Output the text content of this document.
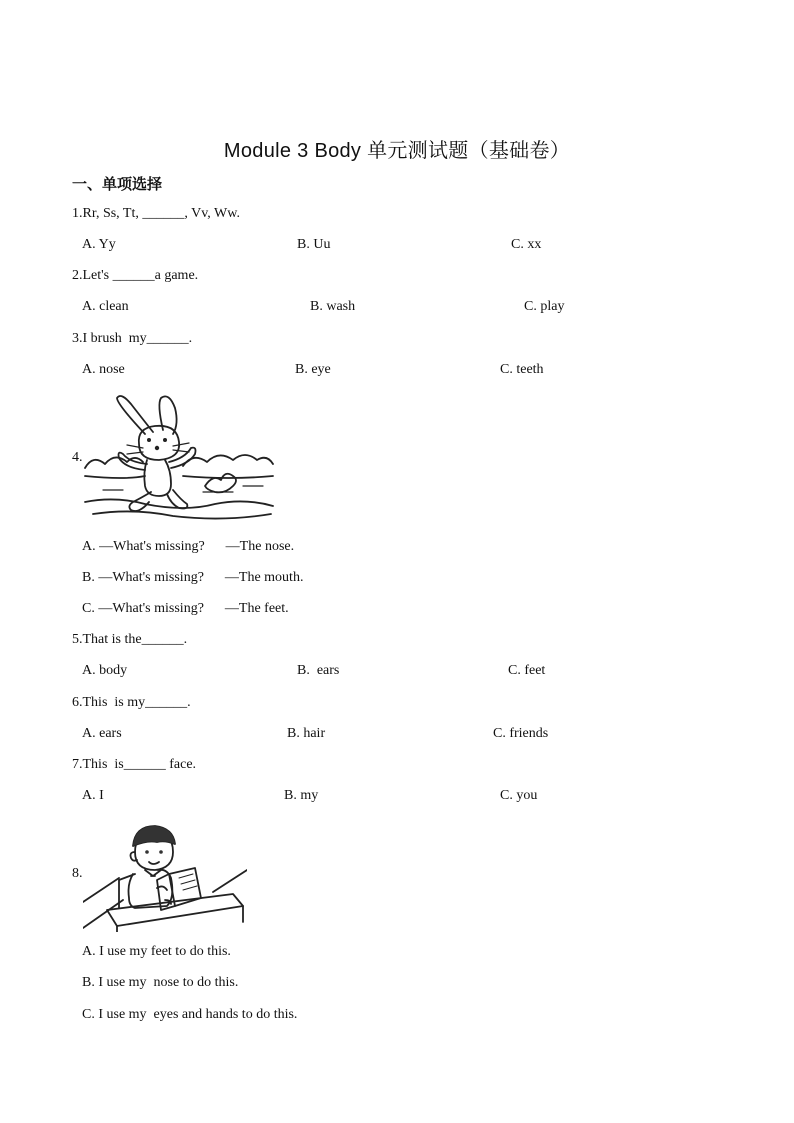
Module 3 Body 单元测试题（基础卷）
一、单项选择
1.Rr, Ss, Tt, ______, Vv, Ww.
A. Yy	B. Uu	C. xx
2.Let's ______a game.
A. clean	B. wash	C. play
3.I brush  my______.
A. nose	B. eye	C. teeth
4.
A. —What's missing?      —The nose.
B. —What's missing?      —The mouth.
C. —What's missing?      —The feet.
5.That is the______.
A. body	B.  ears	C. feet
6.This  is my______.
A. ears	B. hair	C. friends
7.This  is______ face.
A. I	B. my	C. you
8.
A. I use my feet to do this.
B. I use my  nose to do this.
C. I use my  eyes and hands to do this.
